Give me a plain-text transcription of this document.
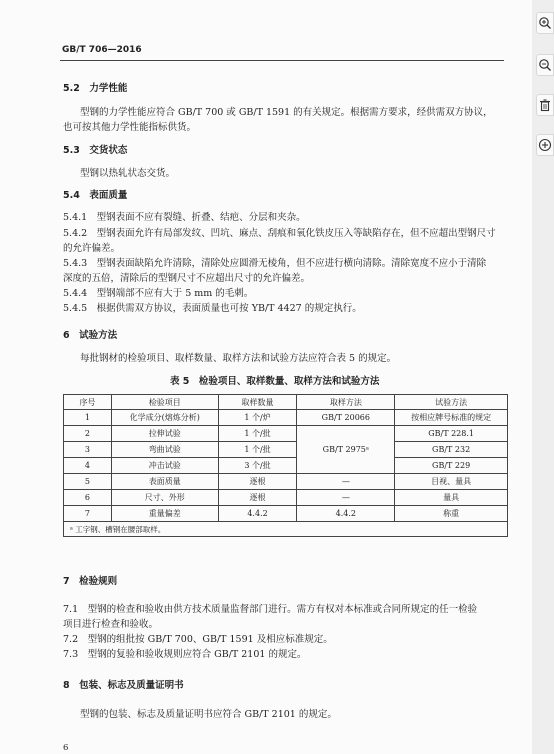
GB/T 706—2016
5.2　力学性能
型钢的力学性能应符合 GB/T 700 或 GB/T 1591 的有关规定。根据需方要求，经供需双方协议，
也可按其他力学性能指标供货。
5.3　交货状态
型钢以热轧状态交货。
5.4　表面质量
5.4.1　型钢表面不应有裂缝、折叠、结疤、分层和夹杂。
5.4.2　型钢表面允许有局部发纹、凹坑、麻点、刮痕和氧化铁皮压入等缺陷存在，但不应超出型钢尺寸
的允许偏差。
5.4.3　型钢表面缺陷允许清除，清除处应圆滑无棱角，但不应进行横向清除。清除宽度不应小于清除
深度的五倍，清除后的型钢尺寸不应超出尺寸的允许偏差。
5.4.4　型钢端部不应有大于 5 mm 的毛刺。
5.4.5　根据供需双方协议，表面质量也可按 YB/T 4427 的规定执行。
6　试验方法
每批钢材的检验项目、取样数量、取样方法和试验方法应符合表 5 的规定。
表 5　检验项目、取样数量、取样方法和试验方法
序号	检验项目	取样数量	取样方法	试验方法
1	化学成分(熔炼分析)	1 个/炉	GB/T 20066	按相应牌号标准的规定
2	拉伸试验	1 个/批	GB/T 2975ᵃ	GB/T 228.1
3	弯曲试验	1 个/批		GB/T 232
4	冲击试验	3 个/批		GB/T 229
5	表面质量	逐根	—	目视、量具
6	尺寸、外形	逐根	—	量具
7	重量偏差	4.4.2	4.4.2	称重
ᵃ 工字钢、槽钢在腰部取样。				
7　检验规则
7.1　型钢的检查和验收由供方技术质量监督部门进行。需方有权对本标准或合同所规定的任一检验
项目进行检查和验收。
7.2　型钢的组批按 GB/T 700、GB/T 1591 及相应标准规定。
7.3　型钢的复验和验收规则应符合 GB/T 2101 的规定。
8　包装、标志及质量证明书
型钢的包装、标志及质量证明书应符合 GB/T 2101 的规定。
6
